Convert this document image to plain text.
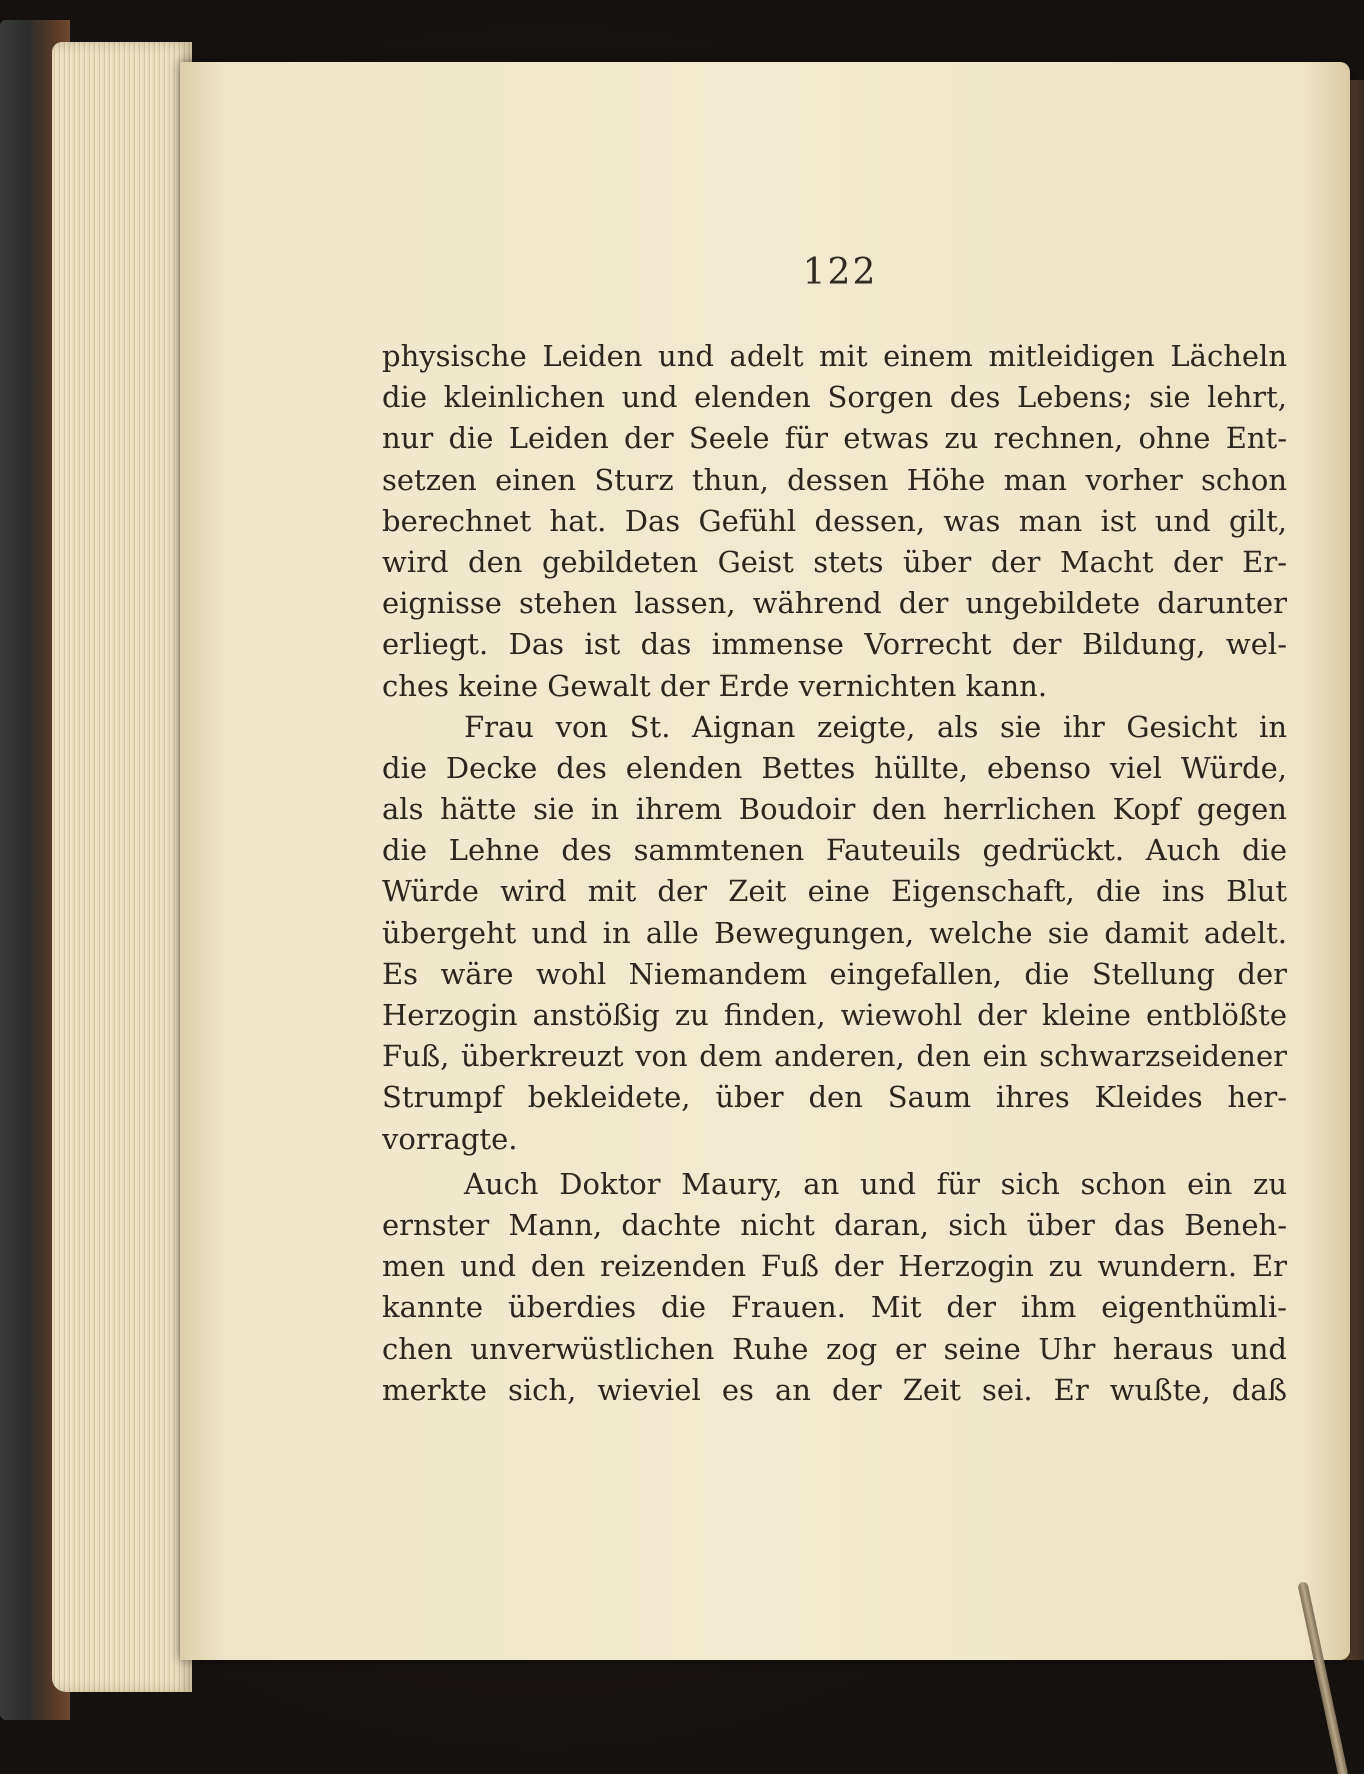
122
physische Leiden und adelt mit einem mitleidigen Lächeln
die kleinlichen und elenden Sorgen des Lebens; sie lehrt,
nur die Leiden der Seele für etwas zu rechnen, ohne Ent-
setzen einen Sturz thun, dessen Höhe man vorher schon
berechnet hat. Das Gefühl dessen, was man ist und gilt,
wird den gebildeten Geist stets über der Macht der Er-
eignisse stehen lassen, während der ungebildete darunter
erliegt. Das ist das immense Vorrecht der Bildung, wel-
ches keine Gewalt der Erde vernichten kann.
Frau von St. Aignan zeigte, als sie ihr Gesicht in
die Decke des elenden Bettes hüllte, ebenso viel Würde,
als hätte sie in ihrem Boudoir den herrlichen Kopf gegen
die Lehne des sammtenen Fauteuils gedrückt. Auch die
Würde wird mit der Zeit eine Eigenschaft, die ins Blut
übergeht und in alle Bewegungen, welche sie damit adelt.
Es wäre wohl Niemandem eingefallen, die Stellung der
Herzogin anstößig zu finden, wiewohl der kleine entblößte
Fuß, überkreuzt von dem anderen, den ein schwarzseidener
Strumpf bekleidete, über den Saum ihres Kleides her-
vorragte.
Auch Doktor Maury, an und für sich schon ein zu
ernster Mann, dachte nicht daran, sich über das Beneh-
men und den reizenden Fuß der Herzogin zu wundern. Er
kannte überdies die Frauen. Mit der ihm eigenthümli-
chen unverwüstlichen Ruhe zog er seine Uhr heraus und
merkte sich, wieviel es an der Zeit sei. Er wußte, daß
